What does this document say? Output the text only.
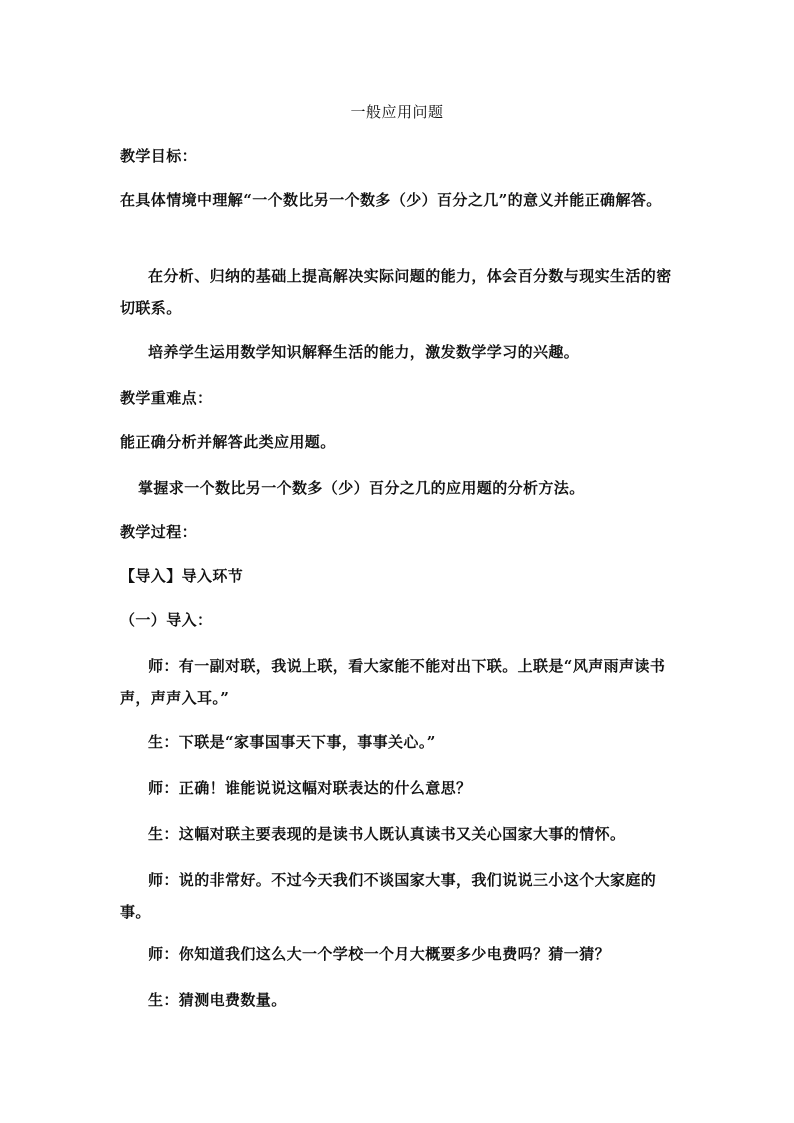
一般应用问题
教学目标：
在具体情境中理解“一个数比另一个数多（少）百分之几”的意义并能正确解答。
在分析、归纳的基础上提高解决实际问题的能力，体会百分数与现实生活的密切联系。
培养学生运用数学知识解释生活的能力，激发数学学习的兴趣。
教学重难点：
能正确分析并解答此类应用题。
掌握求一个数比另一个数多（少）百分之几的应用题的分析方法。
教学过程：
【导入】导入环节
（一）导入：
师：有一副对联，我说上联，看大家能不能对出下联。上联是“风声雨声读书声，声声入耳。”
生：下联是“家事国事天下事，事事关心。”
师：正确！谁能说说这幅对联表达的什么意思？
生：这幅对联主要表现的是读书人既认真读书又关心国家大事的情怀。
师：说的非常好。不过今天我们不谈国家大事，我们说说三小这个大家庭的事。
师：你知道我们这么大一个学校一个月大概要多少电费吗？猜一猜？
生：猜测电费数量。
